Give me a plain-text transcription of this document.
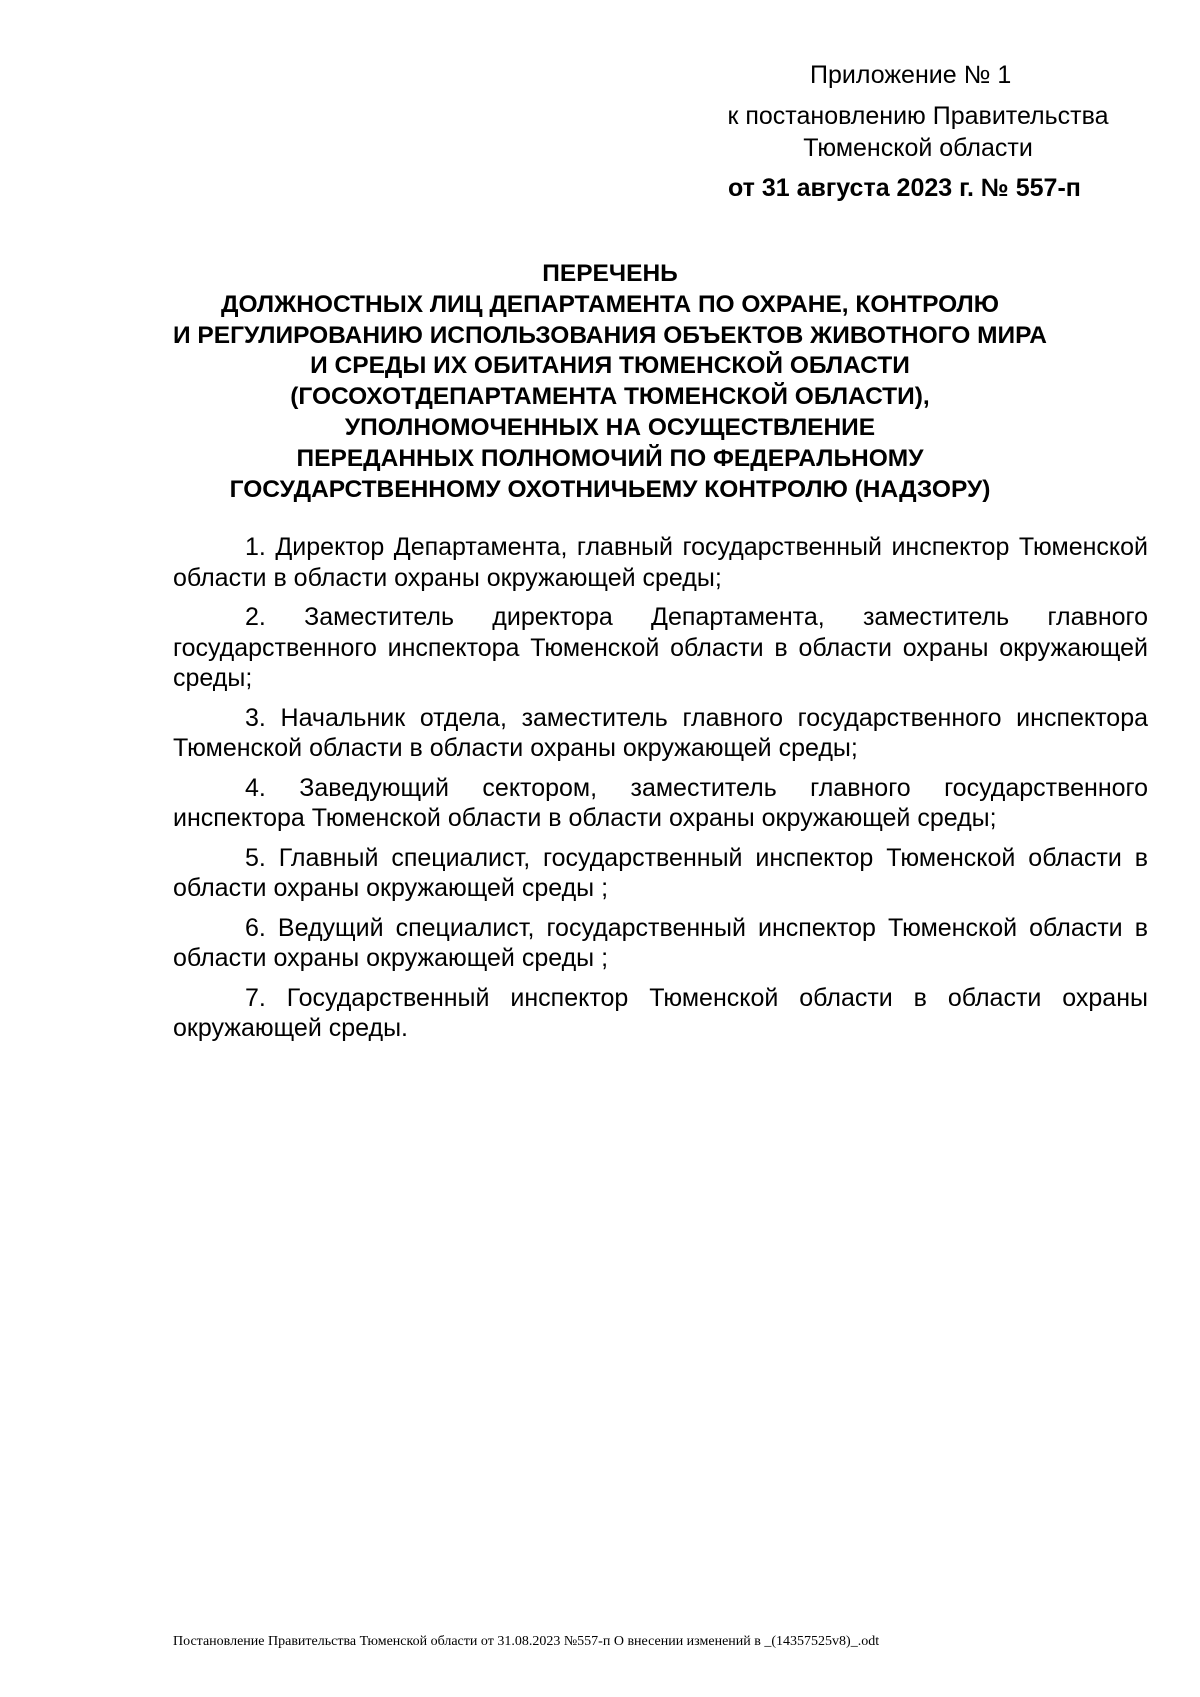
Приложение № 1
к постановлению Правительства
Тюменской области
от 31 августа 2023 г. № 557-п
ПЕРЕЧЕНЬ
ДОЛЖНОСТНЫХ ЛИЦ ДЕПАРТАМЕНТА ПО ОХРАНЕ, КОНТРОЛЮ
И РЕГУЛИРОВАНИЮ ИСПОЛЬЗОВАНИЯ ОБЪЕКТОВ ЖИВОТНОГО МИРА
И СРЕДЫ ИХ ОБИТАНИЯ ТЮМЕНСКОЙ ОБЛАСТИ
(ГОСОХОТДЕПАРТАМЕНТА ТЮМЕНСКОЙ ОБЛАСТИ),
УПОЛНОМОЧЕННЫХ НА ОСУЩЕСТВЛЕНИЕ
ПЕРЕДАННЫХ ПОЛНОМОЧИЙ ПО ФЕДЕРАЛЬНОМУ
ГОСУДАРСТВЕННОМУ ОХОТНИЧЬЕМУ КОНТРОЛЮ (НАДЗОРУ)

1. Директор Департамента, главный государственный инспектор Тюменской области в области охраны окружающей среды;

2. Заместитель директора Департамента, заместитель главного государственного инспектора Тюменской области в области охраны окружающей среды;

3. Начальник отдела, заместитель главного государственного инспектора Тюменской области в области охраны окружающей среды;

4. Заведующий сектором, заместитель главного государственного инспектора Тюменской области в области охраны окружающей среды;

5. Главный специалист, государственный инспектор Тюменской области в области охраны окружающей среды ;

6. Ведущий специалист, государственный инспектор Тюменской области в области охраны окружающей среды ;

7. Государственный инспектор Тюменской области в области охраны окружающей среды.

Постановление Правительства Тюменской области от 31.08.2023 №557-п О внесении изменений в _(14357525v8)_.odt
